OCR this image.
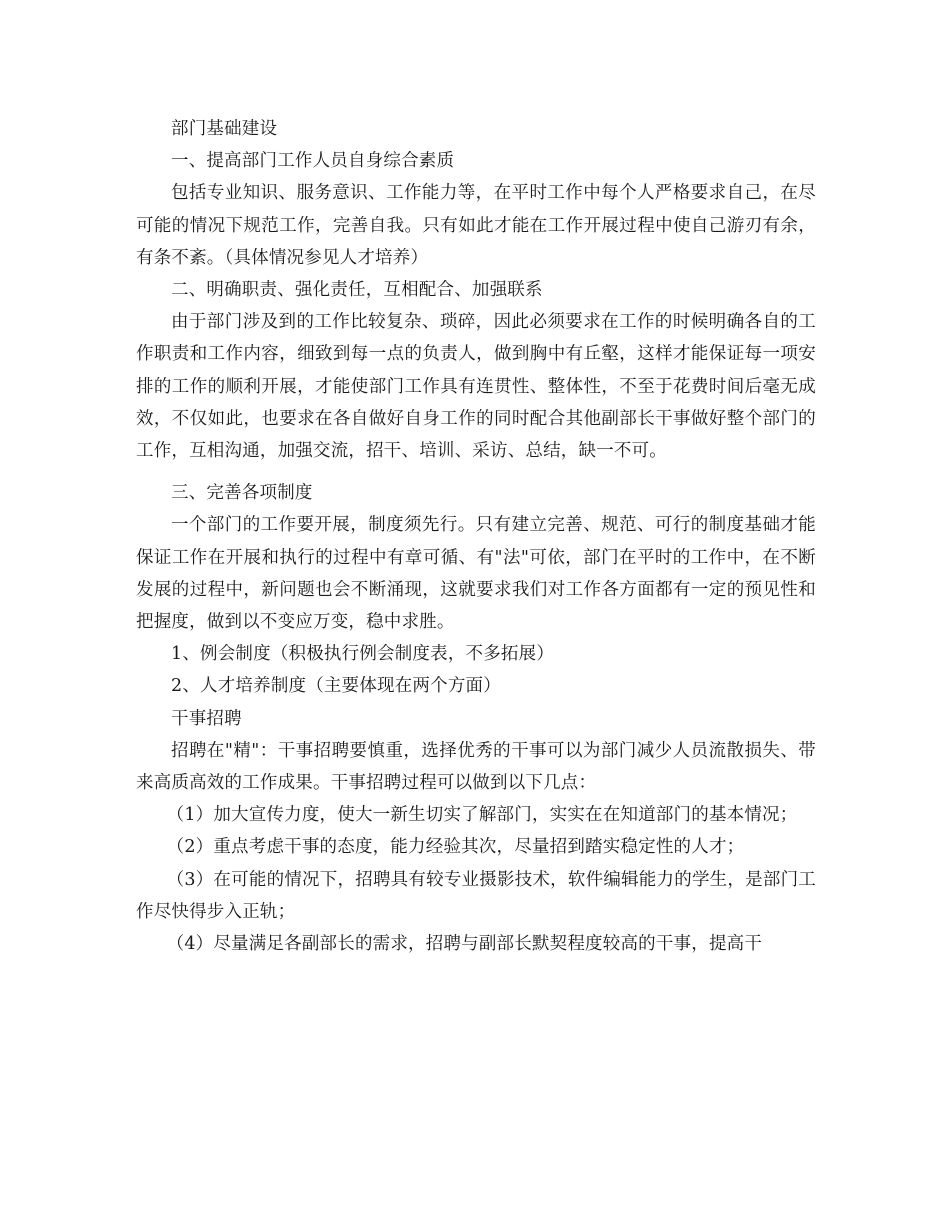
部门基础建设

一、提高部门工作人员自身综合素质

包括专业知识、服务意识、工作能力等，在平时工作中每个人严格要求自己，在尽可能的情况下规范工作，完善自我。只有如此才能在工作开展过程中使自己游刃有余，有条不紊。（具体情况参见人才培养）

二、明确职责、强化责任，互相配合、加强联系

由于部门涉及到的工作比较复杂、琐碎，因此必须要求在工作的时候明确各自的工作职责和工作内容，细致到每一点的负责人，做到胸中有丘壑，这样才能保证每一项安排的工作的顺利开展，才能使部门工作具有连贯性、整体性，不至于花费时间后毫无成效，不仅如此，也要求在各自做好自身工作的同时配合其他副部长干事做好整个部门的工作，互相沟通，加强交流，招干、培训、采访、总结，缺一不可。

三、完善各项制度

一个部门的工作要开展，制度须先行。只有建立完善、规范、可行的制度基础才能保证工作在开展和执行的过程中有章可循、有"法"可依，部门在平时的工作中，在不断发展的过程中，新问题也会不断涌现，这就要求我们对工作各方面都有一定的预见性和把握度，做到以不变应万变，稳中求胜。

1、例会制度（积极执行例会制度表，不多拓展）

2、人才培养制度（主要体现在两个方面）

干事招聘

招聘在"精"：干事招聘要慎重，选择优秀的干事可以为部门减少人员流散损失、带来高质高效的工作成果。干事招聘过程可以做到以下几点：

（1）加大宣传力度，使大一新生切实了解部门，实实在在知道部门的基本情况；

（2）重点考虑干事的态度，能力经验其次，尽量招到踏实稳定性的人才；

（3）在可能的情况下，招聘具有较专业摄影技术，软件编辑能力的学生，是部门工作尽快得步入正轨；

（4）尽量满足各副部长的需求，招聘与副部长默契程度较高的干事，提高干
